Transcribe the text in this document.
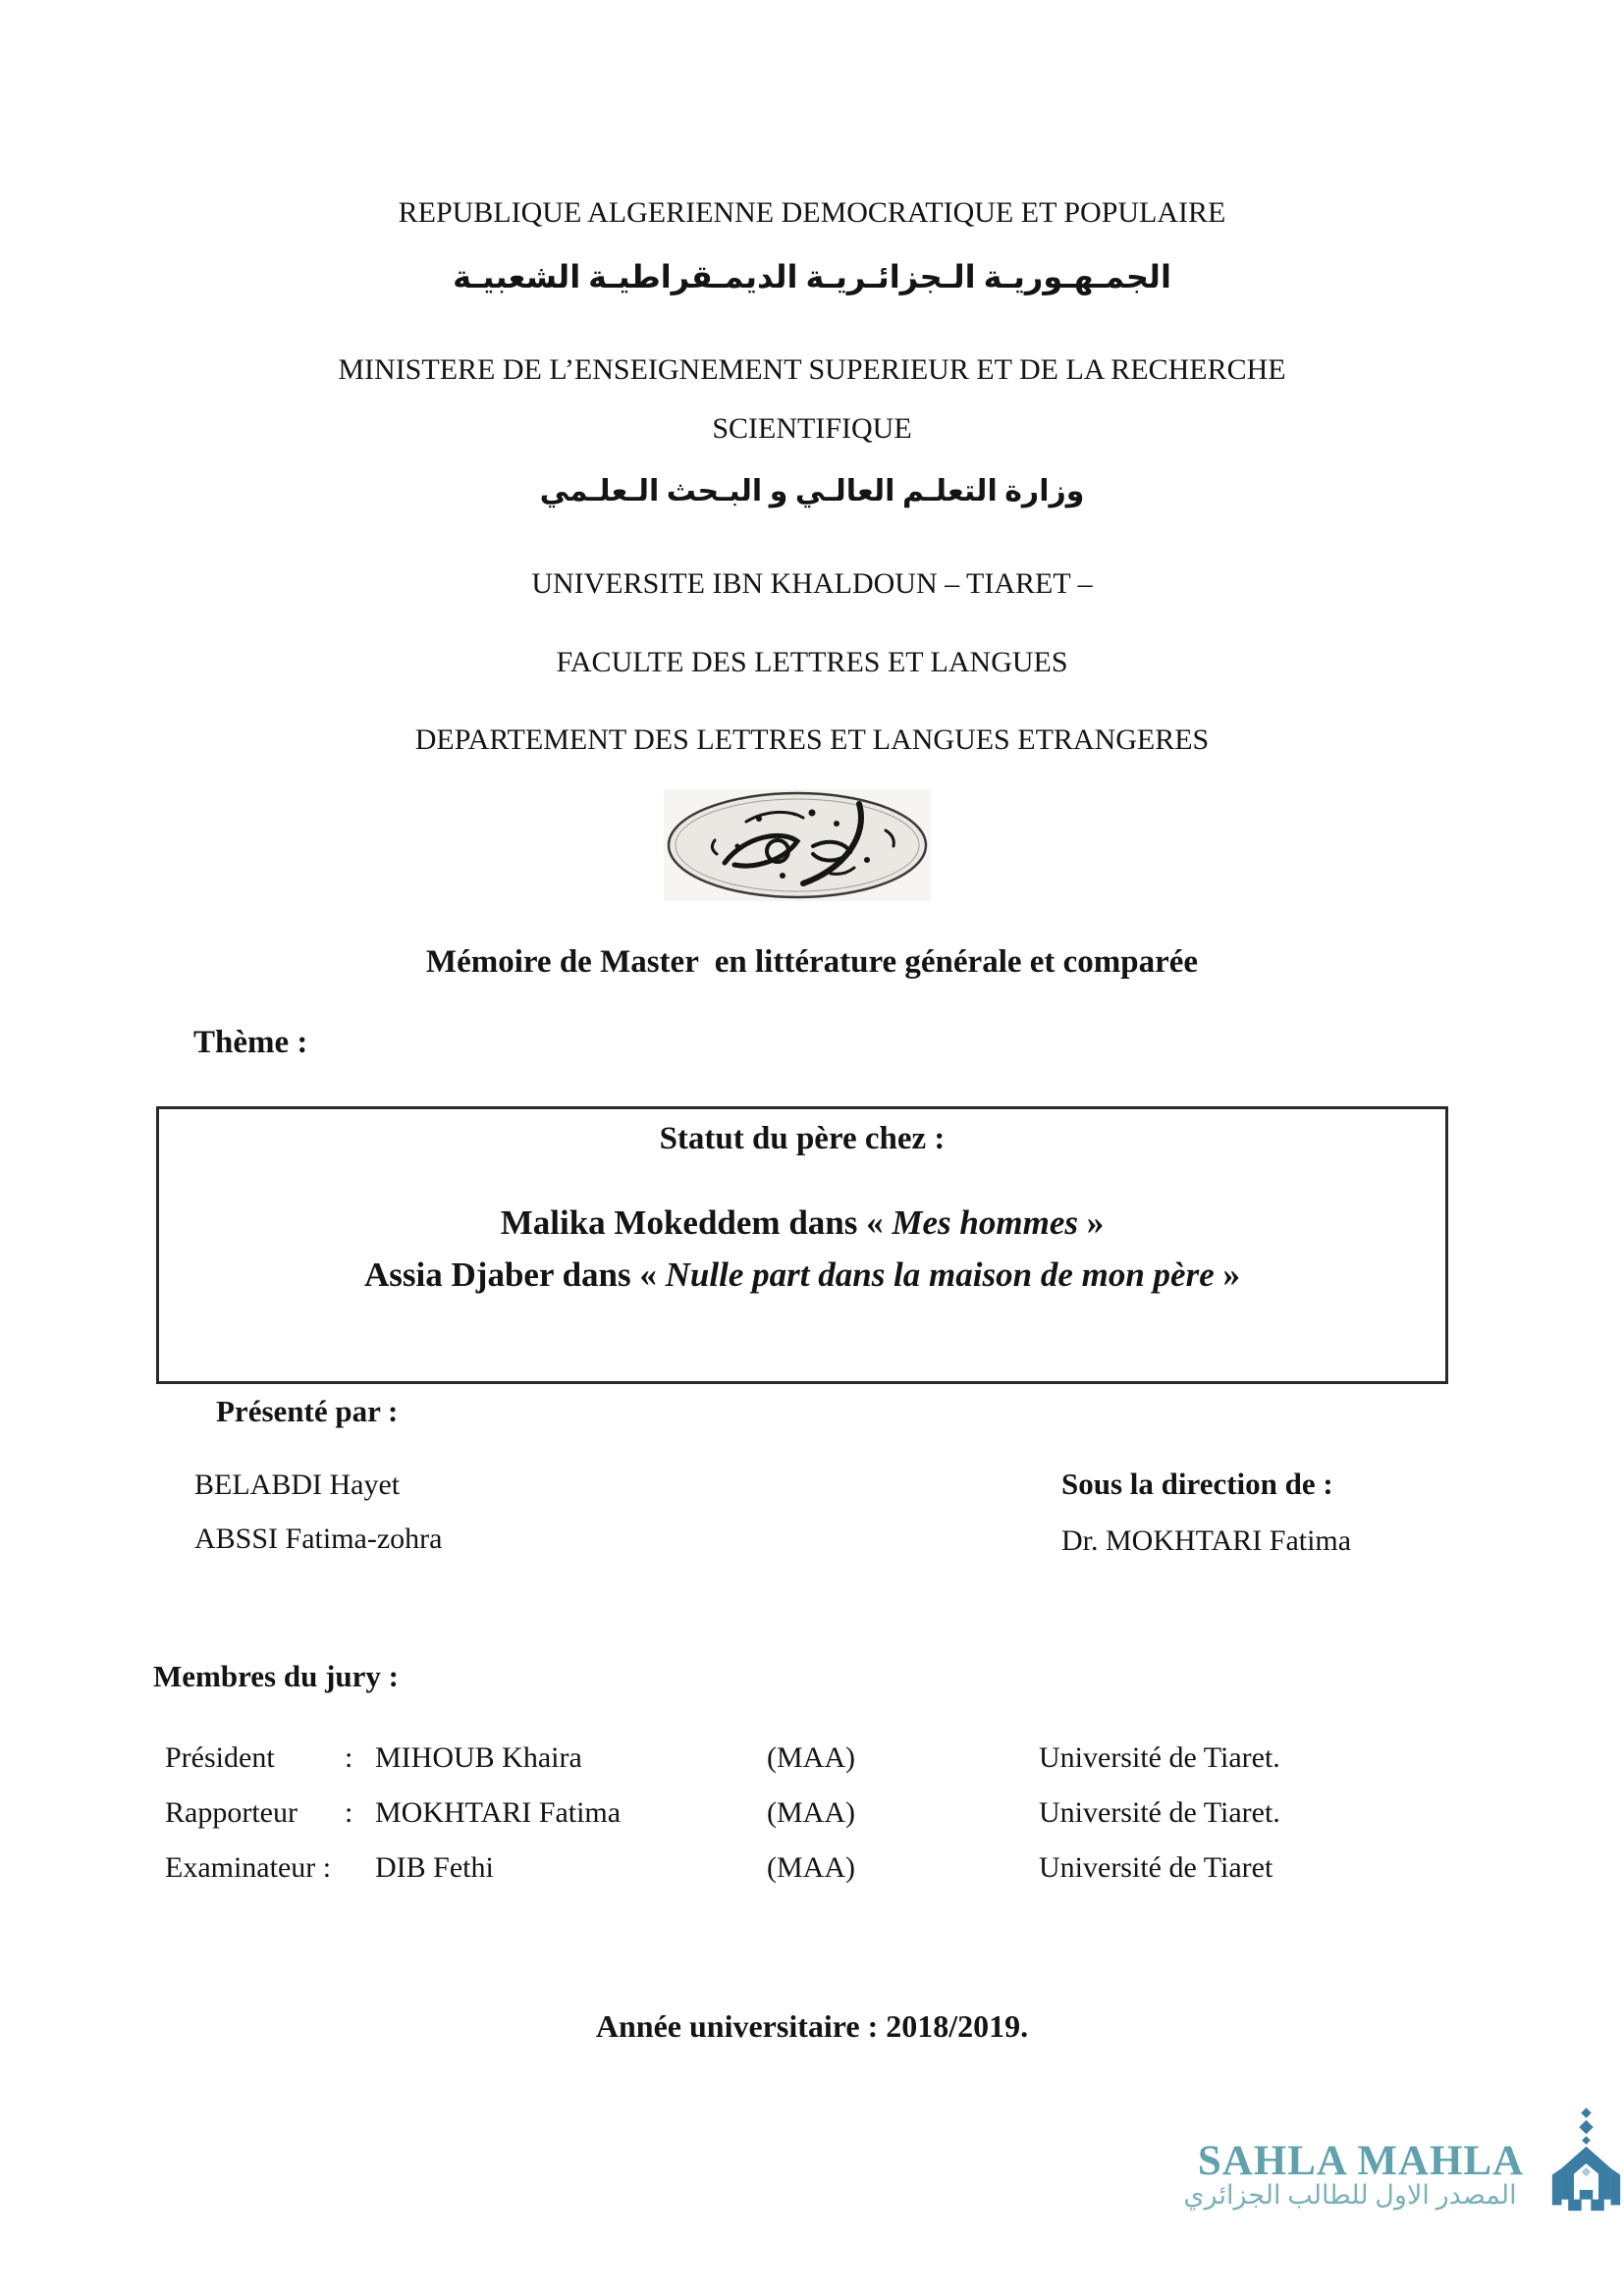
REPUBLIQUE ALGERIENNE DEMOCRATIQUE ET POPULAIRE
الجمـهـوريـة الـجزائـريـة الديمـقراطيـة الشعبيـة
MINISTERE DE L’ENSEIGNEMENT SUPERIEUR ET DE LA RECHERCHE
SCIENTIFIQUE
وزارة التعلـم العالـي و البـحث الـعلـمي
UNIVERSITE IBN KHALDOUN – TIARET –
FACULTE DES LETTRES ET LANGUES
DEPARTEMENT DES LETTRES ET LANGUES ETRANGERES
Mémoire de Master  en littérature générale et comparée
Thème :
Statut du père chez :
Malika Mokeddem dans « Mes hommes »
Assia Djaber dans « Nulle part dans la maison de mon père »
Présenté par :
BELABDI Hayet	Sous la direction de :
ABSSI Fatima-zohra	Dr. MOKHTARI Fatima
Membres du jury :
Président	: MIHOUB Khaira	(MAA)	Université de Tiaret.
Rapporteur	: MOKHTARI Fatima	(MAA)	Université de Tiaret.
Examinateur :	DIB Fethi	(MAA)	Université de Tiaret
Année universitaire : 2018/2019.
SAHLA MAHLA
المصدر الاول للطالب الجزائري
